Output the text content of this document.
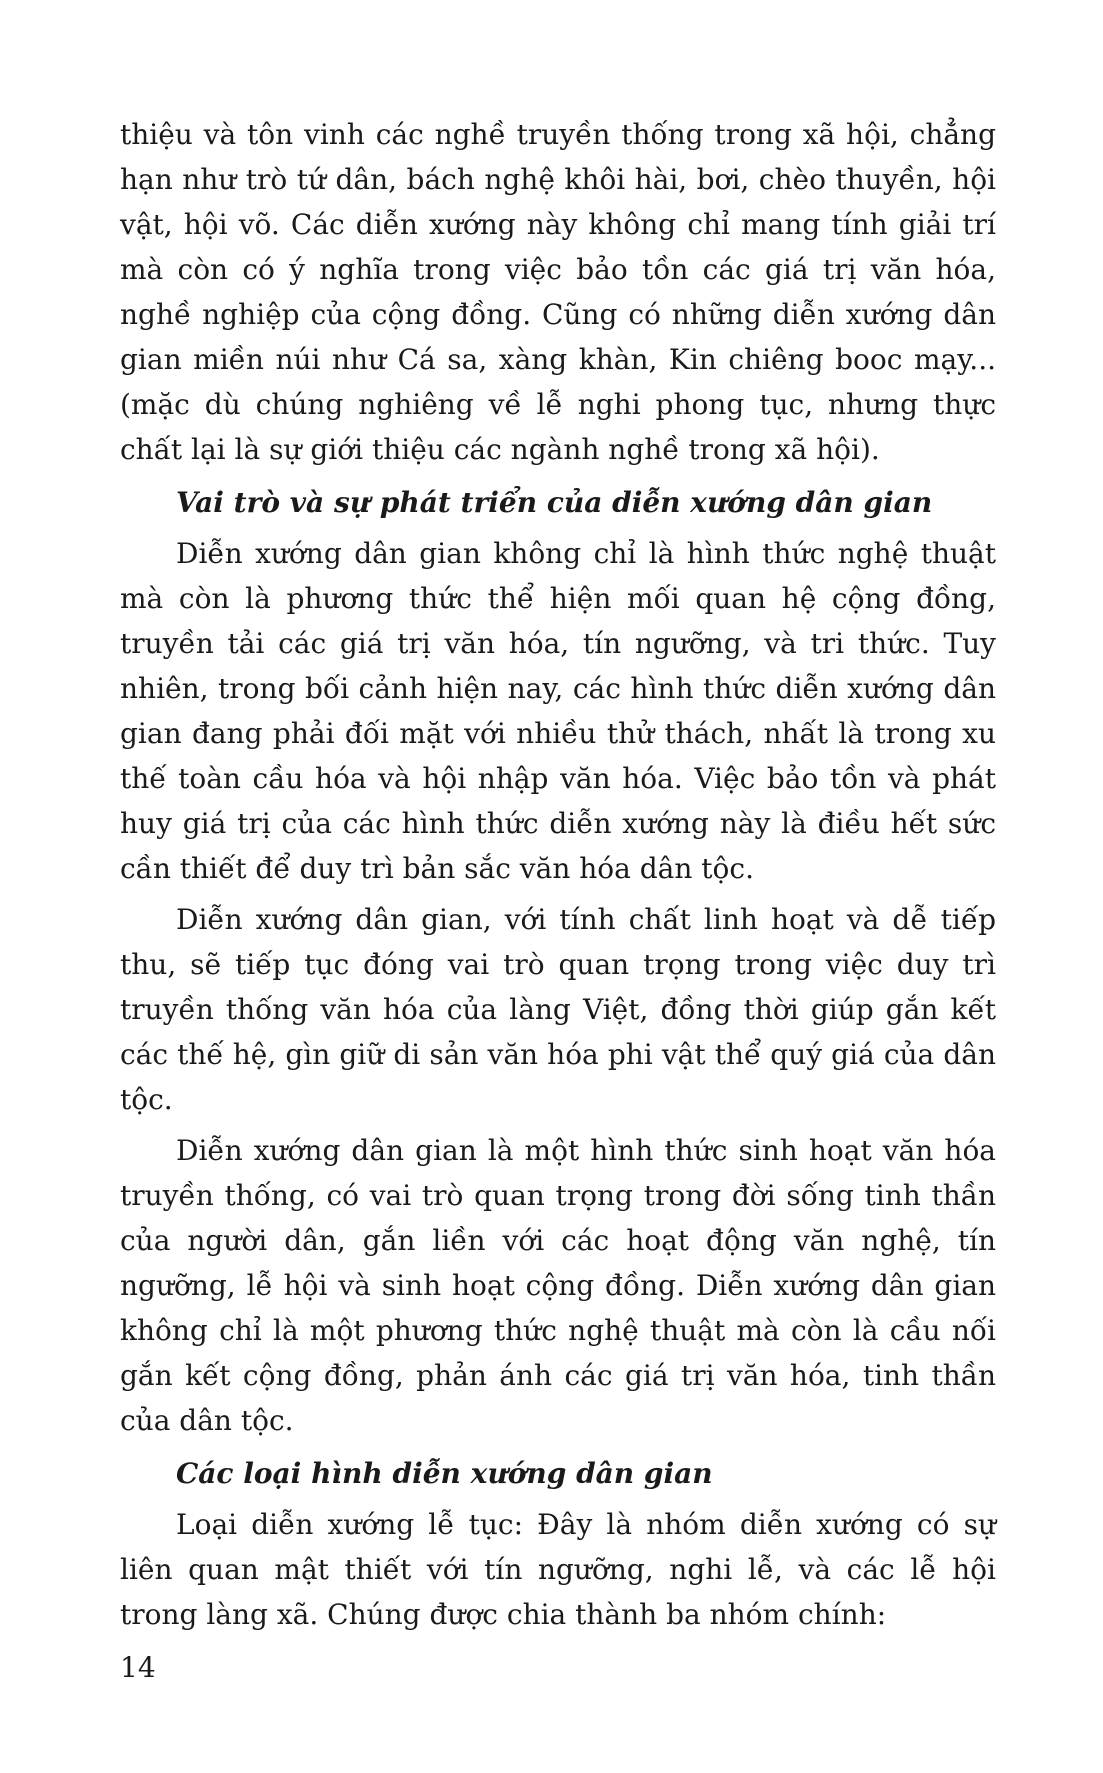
thiệu và tôn vinh các nghề truyền thống trong xã hội, chẳng hạn như trò tứ dân, bách nghệ khôi hài, bơi, chèo thuyền, hội vật, hội võ. Các diễn xướng này không chỉ mang tính giải trí mà còn có ý nghĩa trong việc bảo tồn các giá trị văn hóa, nghề nghiệp của cộng đồng. Cũng có những diễn xướng dân gian miền núi như Cá sa, xàng khàn, Kin chiêng booc mạy... (mặc dù chúng nghiêng về lễ nghi phong tục, nhưng thực chất lại là sự giới thiệu các ngành nghề trong xã hội).

Vai trò và sự phát triển của diễn xướng dân gian

Diễn xướng dân gian không chỉ là hình thức nghệ thuật mà còn là phương thức thể hiện mối quan hệ cộng đồng, truyền tải các giá trị văn hóa, tín ngưỡng, và tri thức. Tuy nhiên, trong bối cảnh hiện nay, các hình thức diễn xướng dân gian đang phải đối mặt với nhiều thử thách, nhất là trong xu thế toàn cầu hóa và hội nhập văn hóa. Việc bảo tồn và phát huy giá trị của các hình thức diễn xướng này là điều hết sức cần thiết để duy trì bản sắc văn hóa dân tộc.

Diễn xướng dân gian, với tính chất linh hoạt và dễ tiếp thu, sẽ tiếp tục đóng vai trò quan trọng trong việc duy trì truyền thống văn hóa của làng Việt, đồng thời giúp gắn kết các thế hệ, gìn giữ di sản văn hóa phi vật thể quý giá của dân tộc.

Diễn xướng dân gian là một hình thức sinh hoạt văn hóa truyền thống, có vai trò quan trọng trong đời sống tinh thần của người dân, gắn liền với các hoạt động văn nghệ, tín ngưỡng, lễ hội và sinh hoạt cộng đồng. Diễn xướng dân gian không chỉ là một phương thức nghệ thuật mà còn là cầu nối gắn kết cộng đồng, phản ánh các giá trị văn hóa, tinh thần của dân tộc.

Các loại hình diễn xướng dân gian

Loại diễn xướng lễ tục: Đây là nhóm diễn xướng có sự liên quan mật thiết với tín ngưỡng, nghi lễ, và các lễ hội trong làng xã. Chúng được chia thành ba nhóm chính:

14
